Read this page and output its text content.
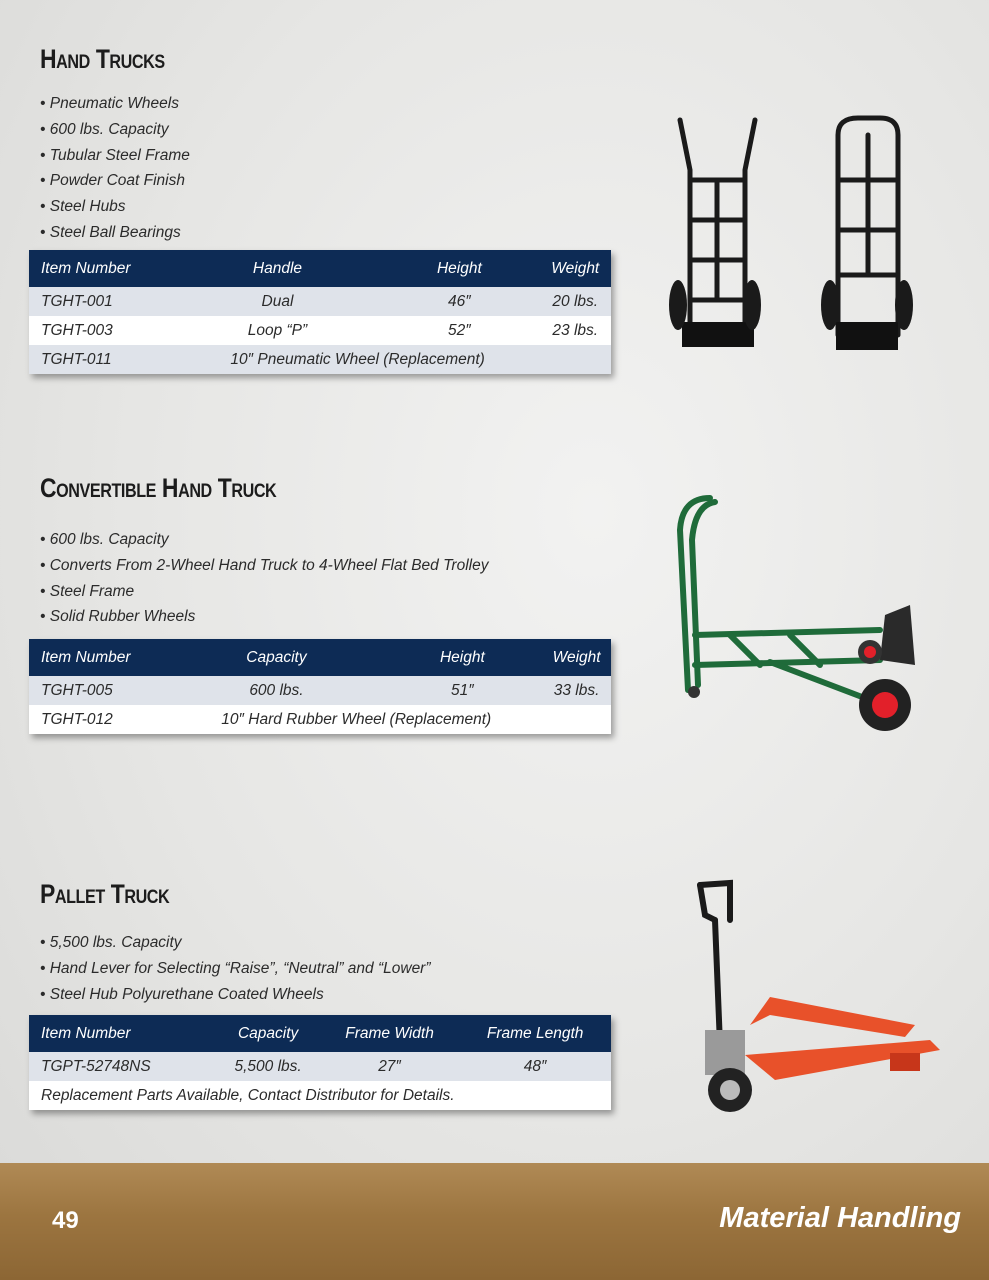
Hand Trucks
• Pneumatic Wheels
• 600 lbs. Capacity
• Tubular Steel Frame
• Powder Coat Finish
• Steel Hubs
• Steel Ball Bearings
Item Number	Handle	Height	Weight
TGHT-001	Dual	46″	20 lbs.
TGHT-003	Loop “P”	52″	23 lbs.
TGHT-011	10″ Pneumatic Wheel (Replacement)		
Convertible Hand Truck
• 600 lbs. Capacity
• Converts From 2-Wheel Hand Truck to 4-Wheel Flat Bed Trolley
• Steel Frame
• Solid Rubber Wheels
Item Number	Capacity	Height	Weight
TGHT-005	600 lbs.	51″	33 lbs.
TGHT-012	10″ Hard Rubber Wheel (Replacement)		
Pallet Truck
• 5,500 lbs. Capacity
• Hand Lever for Selecting “Raise”, “Neutral” and “Lower”
• Steel Hub Polyurethane Coated Wheels
Item Number	Capacity	Frame Width	Frame Length
TGPT-52748NS	5,500 lbs.	27″	48″
Replacement Parts Available, Contact Distributor for Details.			
49	Material Handling
